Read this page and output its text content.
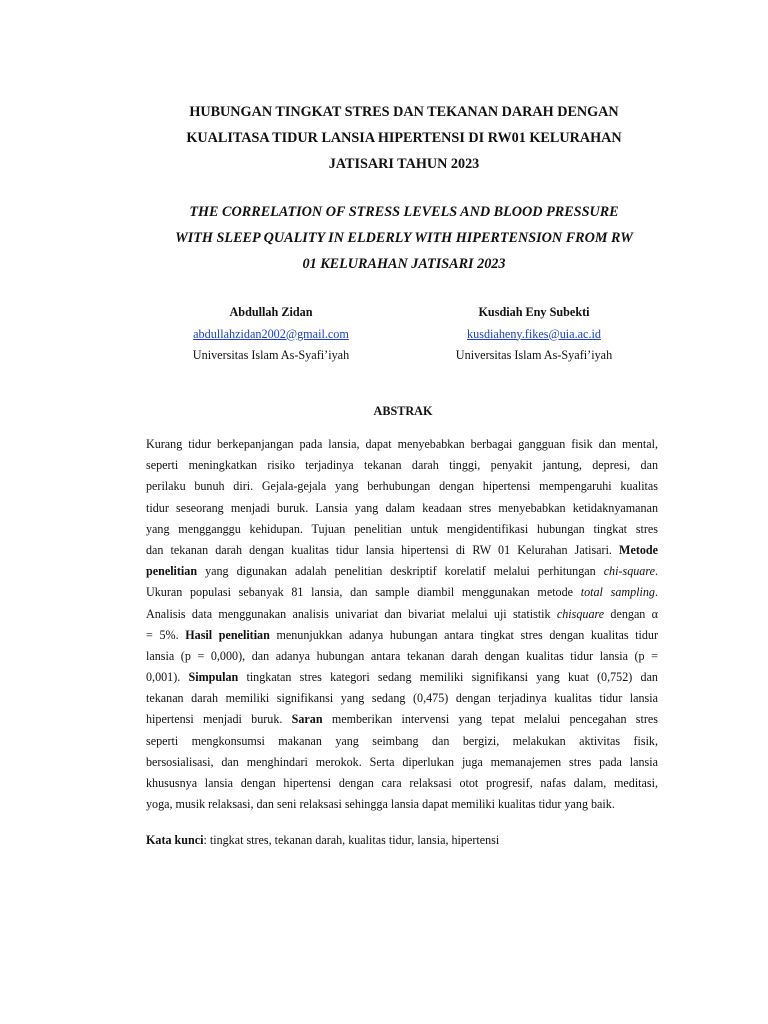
HUBUNGAN TINGKAT STRES DAN TEKANAN DARAH DENGAN
KUALITASA TIDUR LANSIA HIPERTENSI DI RW01 KELURAHAN
JATISARI TAHUN 2023
THE CORRELATION OF STRESS LEVELS AND BLOOD PRESSURE
WITH SLEEP QUALITY IN ELDERLY WITH HIPERTENSION FROM RW
01 KELURAHAN JATISARI 2023
Abdullah Zidan
abdullahzidan2002@gmail.com
Universitas Islam As-Syafi’iyah
Kusdiah Eny Subekti
kusdiaheny.fikes@uia.ac.id
Universitas Islam As-Syafi’iyah
ABSTRAK
Kurang tidur berkepanjangan pada lansia, dapat menyebabkan berbagai gangguan fisik dan mental,
seperti meningkatkan risiko terjadinya tekanan darah tinggi, penyakit jantung, depresi, dan
perilaku bunuh diri. Gejala-gejala yang berhubungan dengan hipertensi mempengaruhi kualitas
tidur seseorang menjadi buruk. Lansia yang dalam keadaan stres menyebabkan ketidaknyamanan
yang mengganggu kehidupan. Tujuan penelitian untuk mengidentifikasi hubungan tingkat stres
dan tekanan darah dengan kualitas tidur lansia hipertensi di RW 01 Kelurahan Jatisari. Metode
penelitian yang digunakan adalah penelitian deskriptif korelatif melalui perhitungan chi-square.
Ukuran populasi sebanyak 81 lansia, dan sample diambil menggunakan metode total sampling.
Analisis data menggunakan analisis univariat dan bivariat melalui uji statistik chisquare dengan α
= 5%. Hasil penelitian menunjukkan adanya hubungan antara tingkat stres dengan kualitas tidur
lansia (p = 0,000), dan adanya hubungan antara tekanan darah dengan kualitas tidur lansia (p =
0,001). Simpulan tingkatan stres kategori sedang memiliki signifikansi yang kuat (0,752) dan
tekanan darah memiliki signifikansi yang sedang (0,475) dengan terjadinya kualitas tidur lansia
hipertensi menjadi buruk. Saran memberikan intervensi yang tepat melalui pencegahan stres
seperti mengkonsumsi makanan yang seimbang dan bergizi, melakukan aktivitas fisik,
bersosialisasi, dan menghindari merokok. Serta diperlukan juga memanajemen stres pada lansia
khususnya lansia dengan hipertensi dengan cara relaksasi otot progresif, nafas dalam, meditasi,
yoga, musik relaksasi, dan seni relaksasi sehingga lansia dapat memiliki kualitas tidur yang baik.

Kata kunci: tingkat stres, tekanan darah, kualitas tidur, lansia, hipertensi
